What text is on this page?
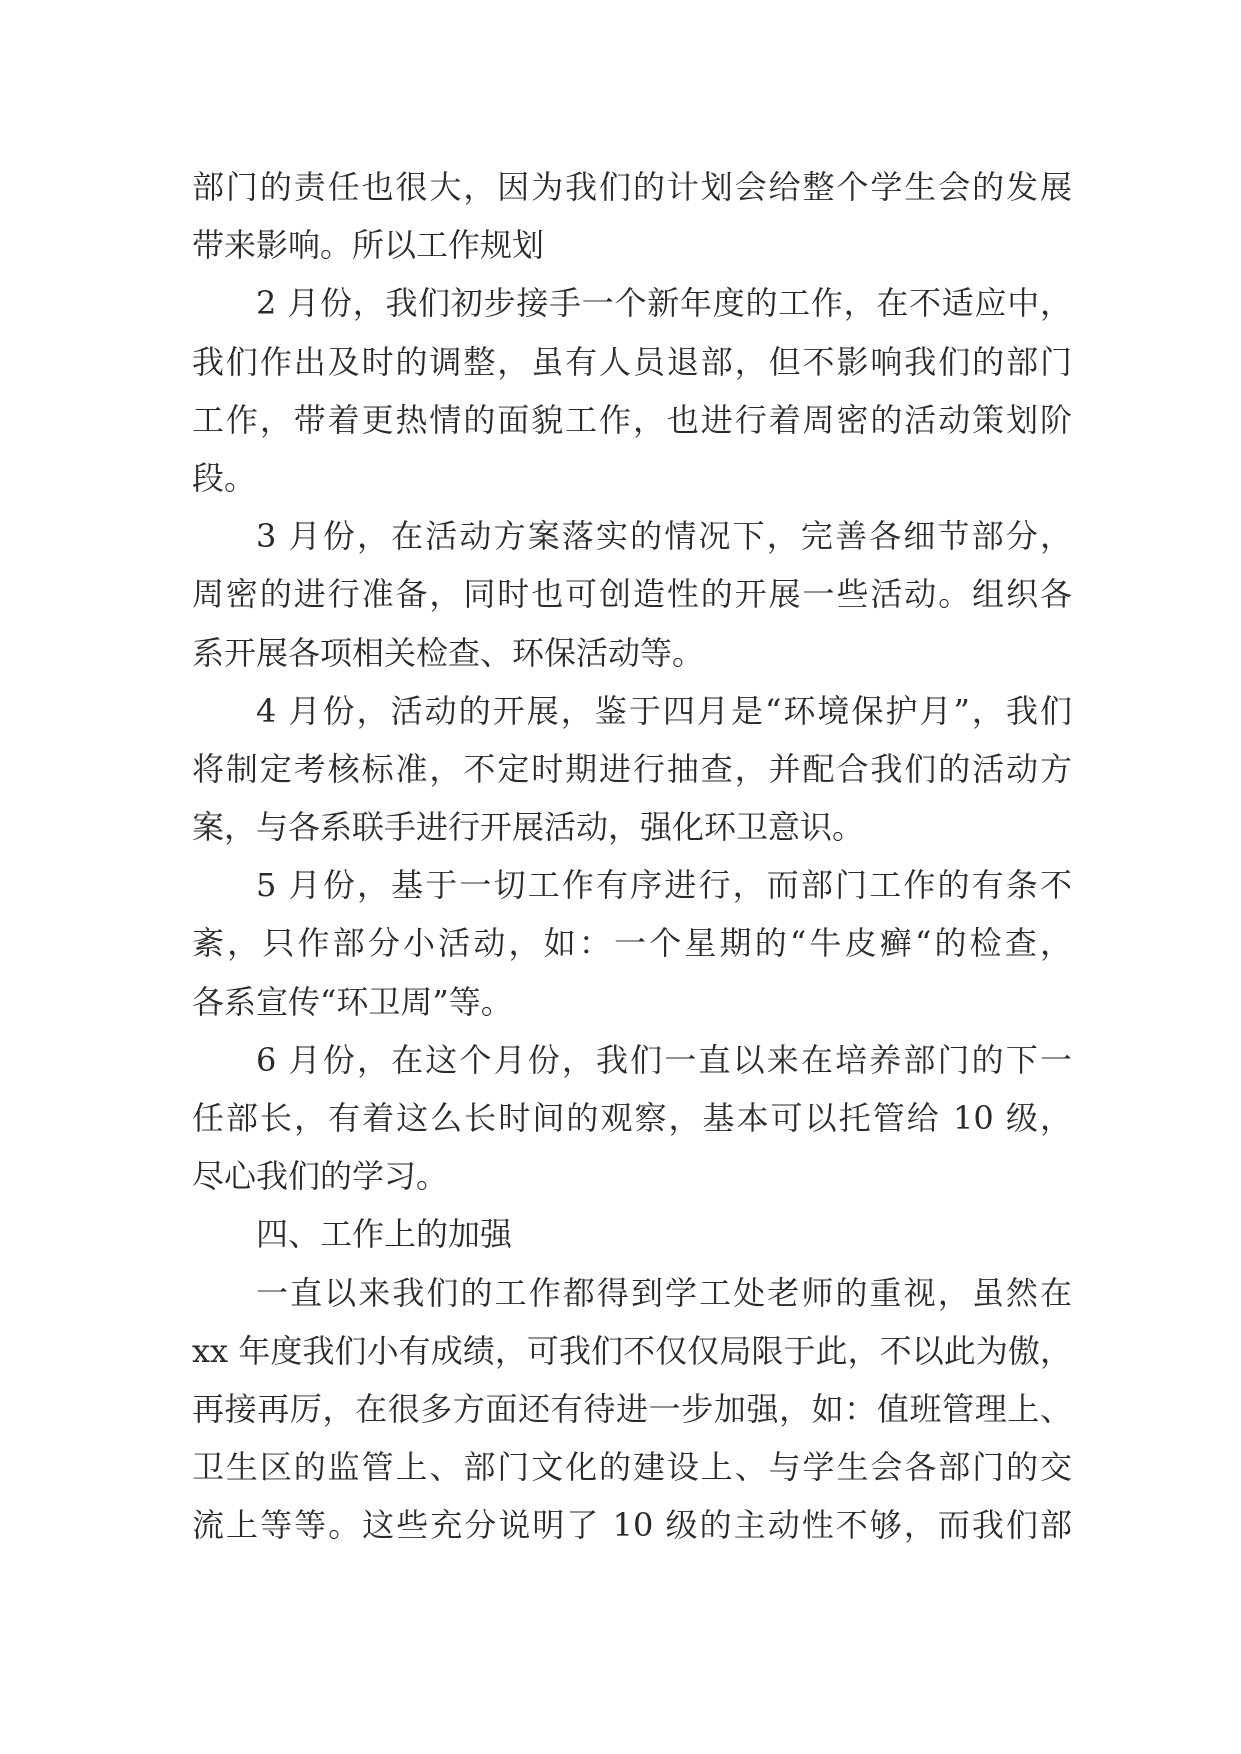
部门的责任也很大，因为我们的计划会给整个学生会的发展
带来影响。所以工作规划
2 月份，我们初步接手一个新年度的工作，在不适应中，
我们作出及时的调整，虽有人员退部，但不影响我们的部门
工作，带着更热情的面貌工作，也进行着周密的活动策划阶
段。
3 月份，在活动方案落实的情况下，完善各细节部分，
周密的进行准备，同时也可创造性的开展一些活动。组织各
系开展各项相关检查、环保活动等。
4 月份，活动的开展，鉴于四月是“环境保护月”，我们
将制定考核标准，不定时期进行抽查，并配合我们的活动方
案，与各系联手进行开展活动，强化环卫意识。
5 月份，基于一切工作有序进行，而部门工作的有条不
紊，只作部分小活动，如：一个星期的“牛皮癣“的检查，
各系宣传“环卫周”等。
6 月份，在这个月份，我们一直以来在培养部门的下一
任部长，有着这么长时间的观察，基本可以托管给 10 级，
尽心我们的学习。
四、工作上的加强
一直以来我们的工作都得到学工处老师的重视，虽然在
xx 年度我们小有成绩，可我们不仅仅局限于此，不以此为傲，
再接再厉，在很多方面还有待进一步加强，如：值班管理上、
卫生区的监管上、部门文化的建设上、与学生会各部门的交
流上等等。这些充分说明了 10 级的主动性不够，而我们部
